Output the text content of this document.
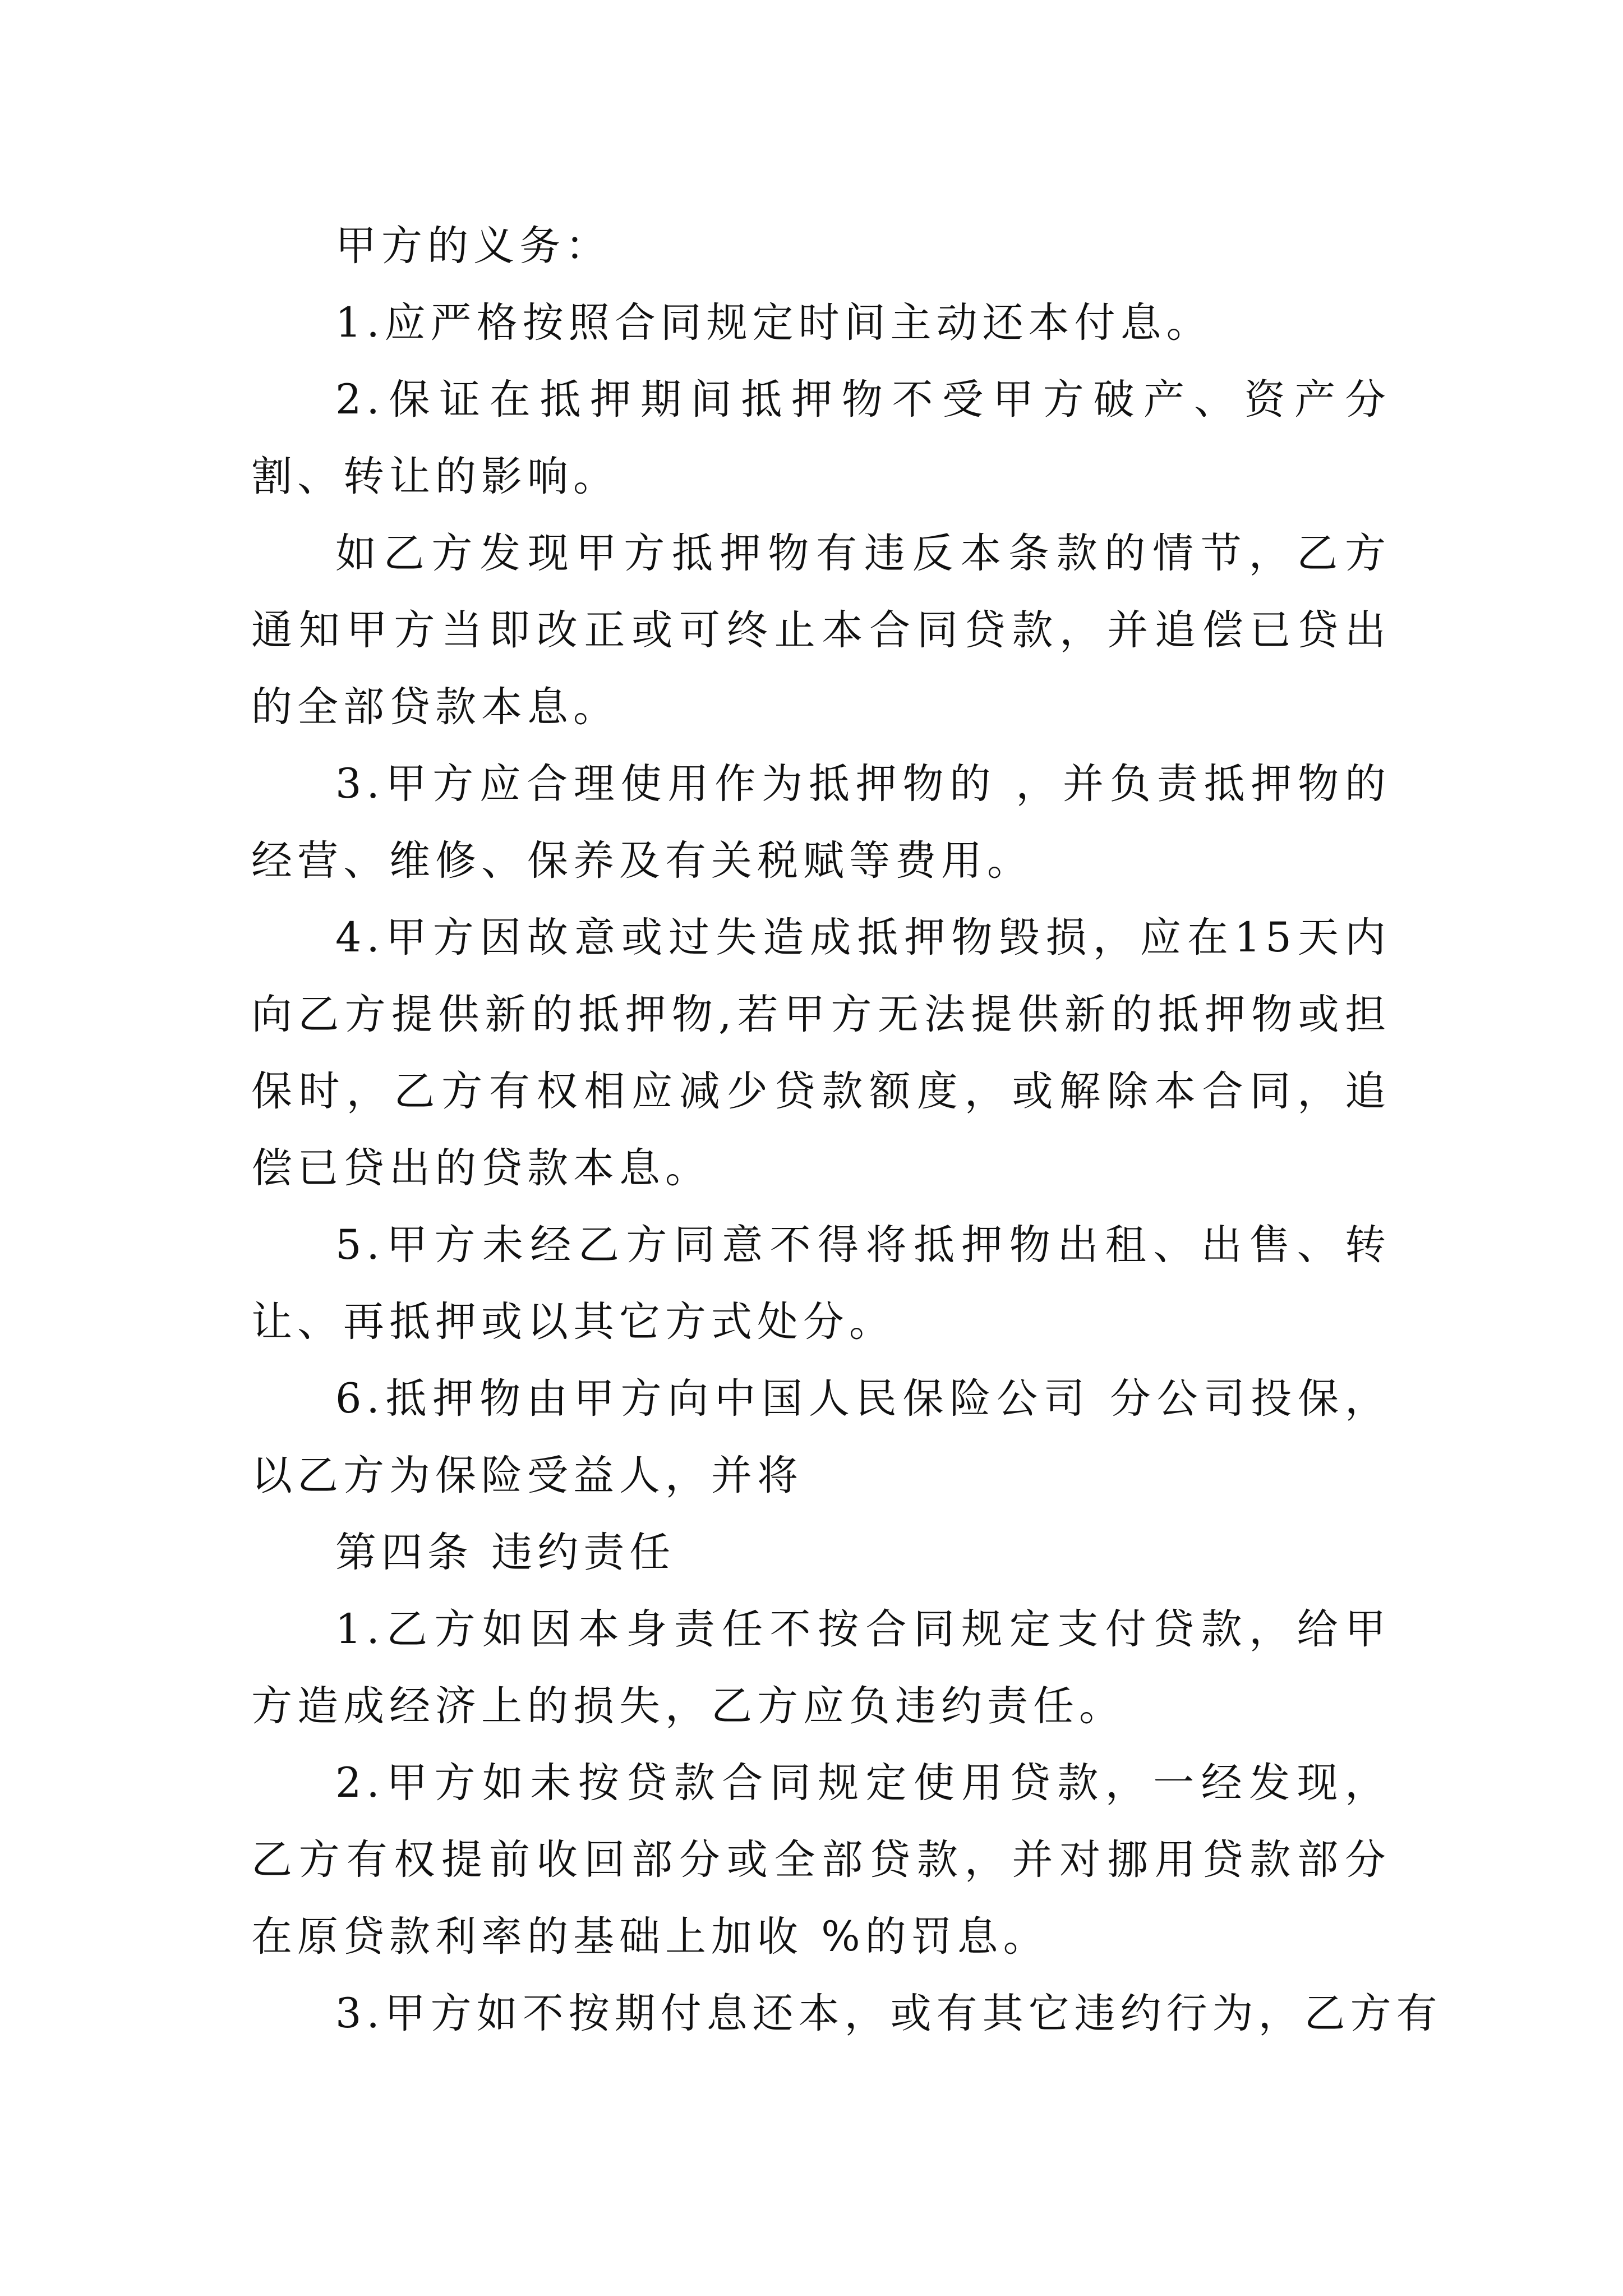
甲方的义务：

1.应严格按照合同规定时间主动还本付息。

2.保证在抵押期间抵押物不受甲方破产、资产分割、转让的影响。

如乙方发现甲方抵押物有违反本条款的情节，乙方通知甲方当即改正或可终止本合同贷款，并追偿已贷出的全部贷款本息。

3.甲方应合理使用作为抵押物的 ，并负责抵押物的经营、维修、保养及有关税赋等费用。

4.甲方因故意或过失造成抵押物毁损，应在15天内向乙方提供新的抵押物,若甲方无法提供新的抵押物或担保时，乙方有权相应减少贷款额度，或解除本合同，追偿已贷出的贷款本息。

5.甲方未经乙方同意不得将抵押物出租、出售、转让、再抵押或以其它方式处分。

6.抵押物由甲方向中国人民保险公司 分公司投保，以乙方为保险受益人，并将

第四条 违约责任

1.乙方如因本身责任不按合同规定支付贷款，给甲方造成经济上的损失，乙方应负违约责任。

2.甲方如未按贷款合同规定使用贷款，一经发现，乙方有权提前收回部分或全部贷款，并对挪用贷款部分在原贷款利率的基础上加收 %的罚息。

3.甲方如不按期付息还本，或有其它违约行为，乙方有
